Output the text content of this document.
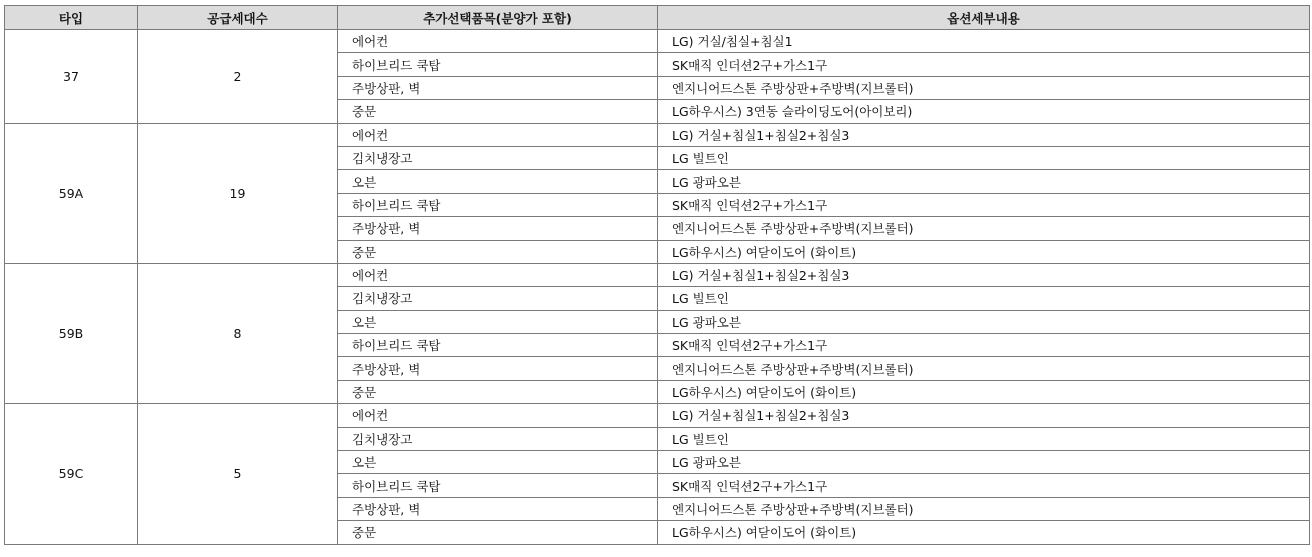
타입	공급세대수	추가선택품목(분양가 포함)	옵션세부내용
37	2	에어컨	LG) 거실/침실+침실1
		하이브리드 쿡탑	SK매직 인더션2구+가스1구
		주방상판, 벽	엔지니어드스톤 주방상판+주방벽(지브롤터)
		중문	LG하우시스) 3연동 슬라이딩도어(아이보리)
59A	19	에어컨	LG) 거실+침실1+침실2+침실3
		김치냉장고	LG 빌트인
		오븐	LG 광파오븐
		하이브리드 쿡탑	SK매직 인덕션2구+가스1구
		주방상판, 벽	엔지니어드스톤 주방상판+주방벽(지브롤터)
		중문	LG하우시스) 여닫이도어 (화이트)
59B	8	에어컨	LG) 거실+침실1+침실2+침실3
		김치냉장고	LG 빌트인
		오븐	LG 광파오븐
		하이브리드 쿡탑	SK매직 인덕션2구+가스1구
		주방상판, 벽	엔지니어드스톤 주방상판+주방벽(지브롤터)
		중문	LG하우시스) 여닫이도어 (화이트)
59C	5	에어컨	LG) 거실+침실1+침실2+침실3
		김치냉장고	LG 빌트인
		오븐	LG 광파오븐
		하이브리드 쿡탑	SK매직 인덕션2구+가스1구
		주방상판, 벽	엔지니어드스톤 주방상판+주방벽(지브롤터)
		중문	LG하우시스) 여닫이도어 (화이트)
